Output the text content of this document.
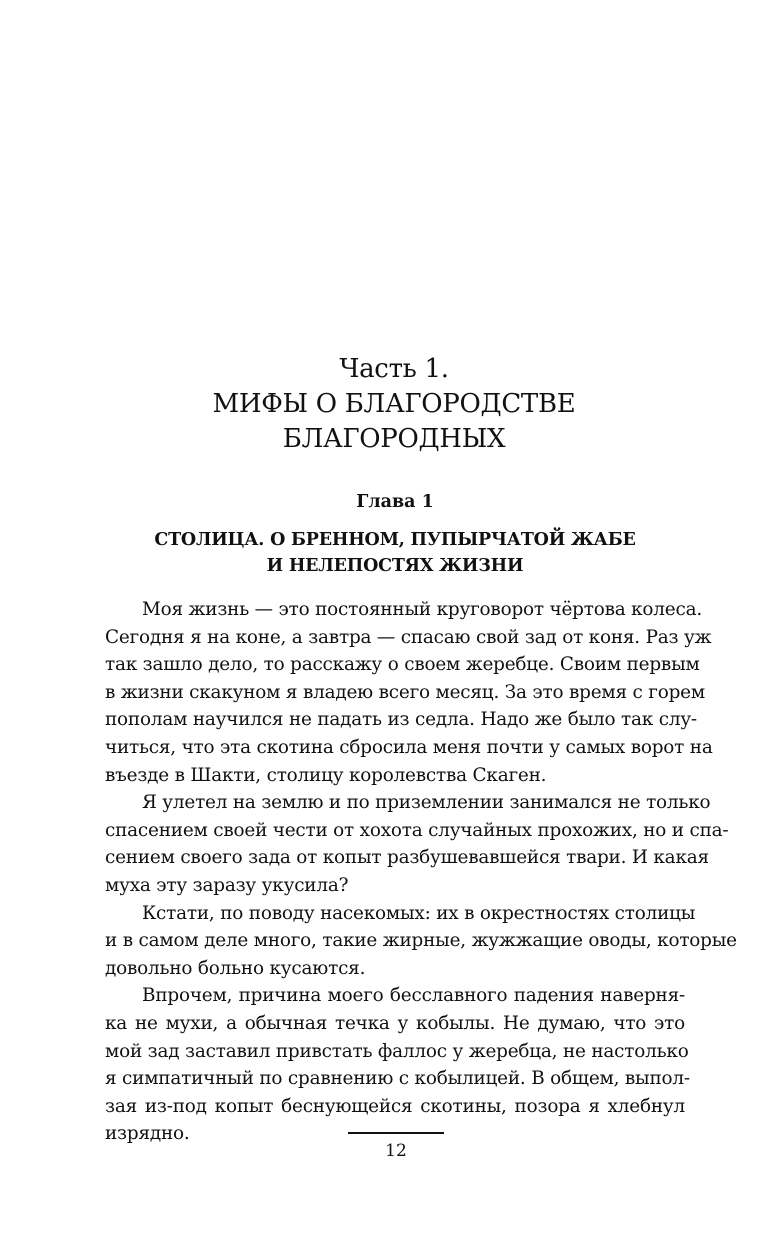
Часть 1.
МИФЫ О БЛАГОРОДСТВЕ
БЛАГОРОДНЫХ
Глава 1
СТОЛИЦА. О БРЕННОМ, ПУПЫРЧАТОЙ ЖАБЕ
И НЕЛЕПОСТЯХ ЖИЗНИ
Моя жизнь — это постоянный круговорот чёртова колеса.
Сегодня я на коне, а завтра — спасаю свой зад от коня. Раз уж
так зашло дело, то расскажу о своем жеребце. Своим первым
в жизни скакуном я владею всего месяц. За это время с горем
пополам научился не падать из седла. Надо же было так слу-
читься, что эта скотина сбросила меня почти у самых ворот на
въезде в Шакти, столицу королевства Скаген.
Я улетел на землю и по приземлении занимался не только
спасением своей чести от хохота случайных прохожих, но и спа-
сением своего зада от копыт разбушевавшейся твари. И какая
муха эту заразу укусила?
Кстати, по поводу насекомых: их в окрестностях столицы
и в самом деле много, такие жирные, жужжащие оводы, которые
довольно больно кусаются.
Впрочем, причина моего бесславного падения наверня-
ка не мухи, а обычная течка у кобылы. Не думаю, что это
мой зад заставил привстать фаллос у жеребца, не настолько
я симпатичный по сравнению с кобылицей. В общем, выпол-
зая из-под копыт беснующейся скотины, позора я хлебнул
изрядно.
12
